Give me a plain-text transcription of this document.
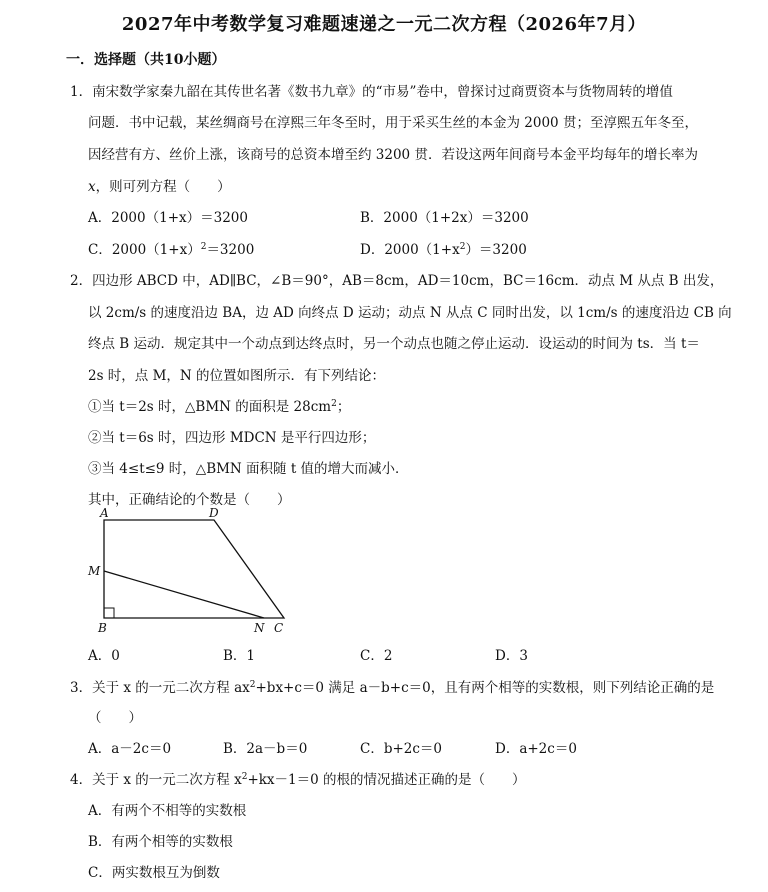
2027年中考数学复习难题速递之一元二次方程（2026年7月）
一．选择题（共10小题）
1．南宋数学家秦九韶在其传世名著《数书九章》的“市易”卷中，曾探讨过商贾资本与货物周转的增值
问题．书中记载，某丝绸商号在淳熙三年冬至时，用于采买生丝的本金为 2000 贯；至淳熙五年冬至，
因经营有方、丝价上涨，该商号的总资本增至约 3200 贯．若设这两年间商号本金平均每年的增长率为
x，则可列方程（　　）
A．2000（1+x）＝3200	B．2000（1+2x）＝3200
C．$2000(1+x)^2=3200$	D．$2000(1+x^2)=3200$
2．四边形 ABCD 中，AD∥BC，∠B＝90°，AB＝8cm，AD＝10cm，BC＝16cm．动点 M 从点 B 出发，
以 2cm/s 的速度沿边 BA，边 AD 向终点 D 运动；动点 N 从点 C 同时出发，以 1cm/s 的速度沿边 CB 向
终点 B 运动．规定其中一个动点到达终点时，另一个动点也随之停止运动．设运动的时间为 ts．当 t＝
2s 时，点 M，N 的位置如图所示．有下列结论：
①当 t＝2s 时，△BMN 的面积是 $28cm^2$；
②当 t＝6s 时，四边形 MDCN 是平行四边形；
③当 4≤t≤9 时，△BMN 面积随 t 值的增大而减小．
其中，正确结论的个数是（　　）
A	D
M
B	N C
A．0	B．1	C．2	D．3
3．关于 x 的一元二次方程 $ax^2+bx+c=0$ 满足 a－b+c＝0，且有两个相等的实数根，则下列结论正确的是
（　　）
A．a－2c＝0	B．2a－b＝0	C．b+2c＝0	D．a+2c＝0
4．关于 x 的一元二次方程 $x^2+kx-1=0$ 的根的情况描述正确的是（　　）
A．有两个不相等的实数根
B．有两个相等的实数根
C．两实数根互为倒数
